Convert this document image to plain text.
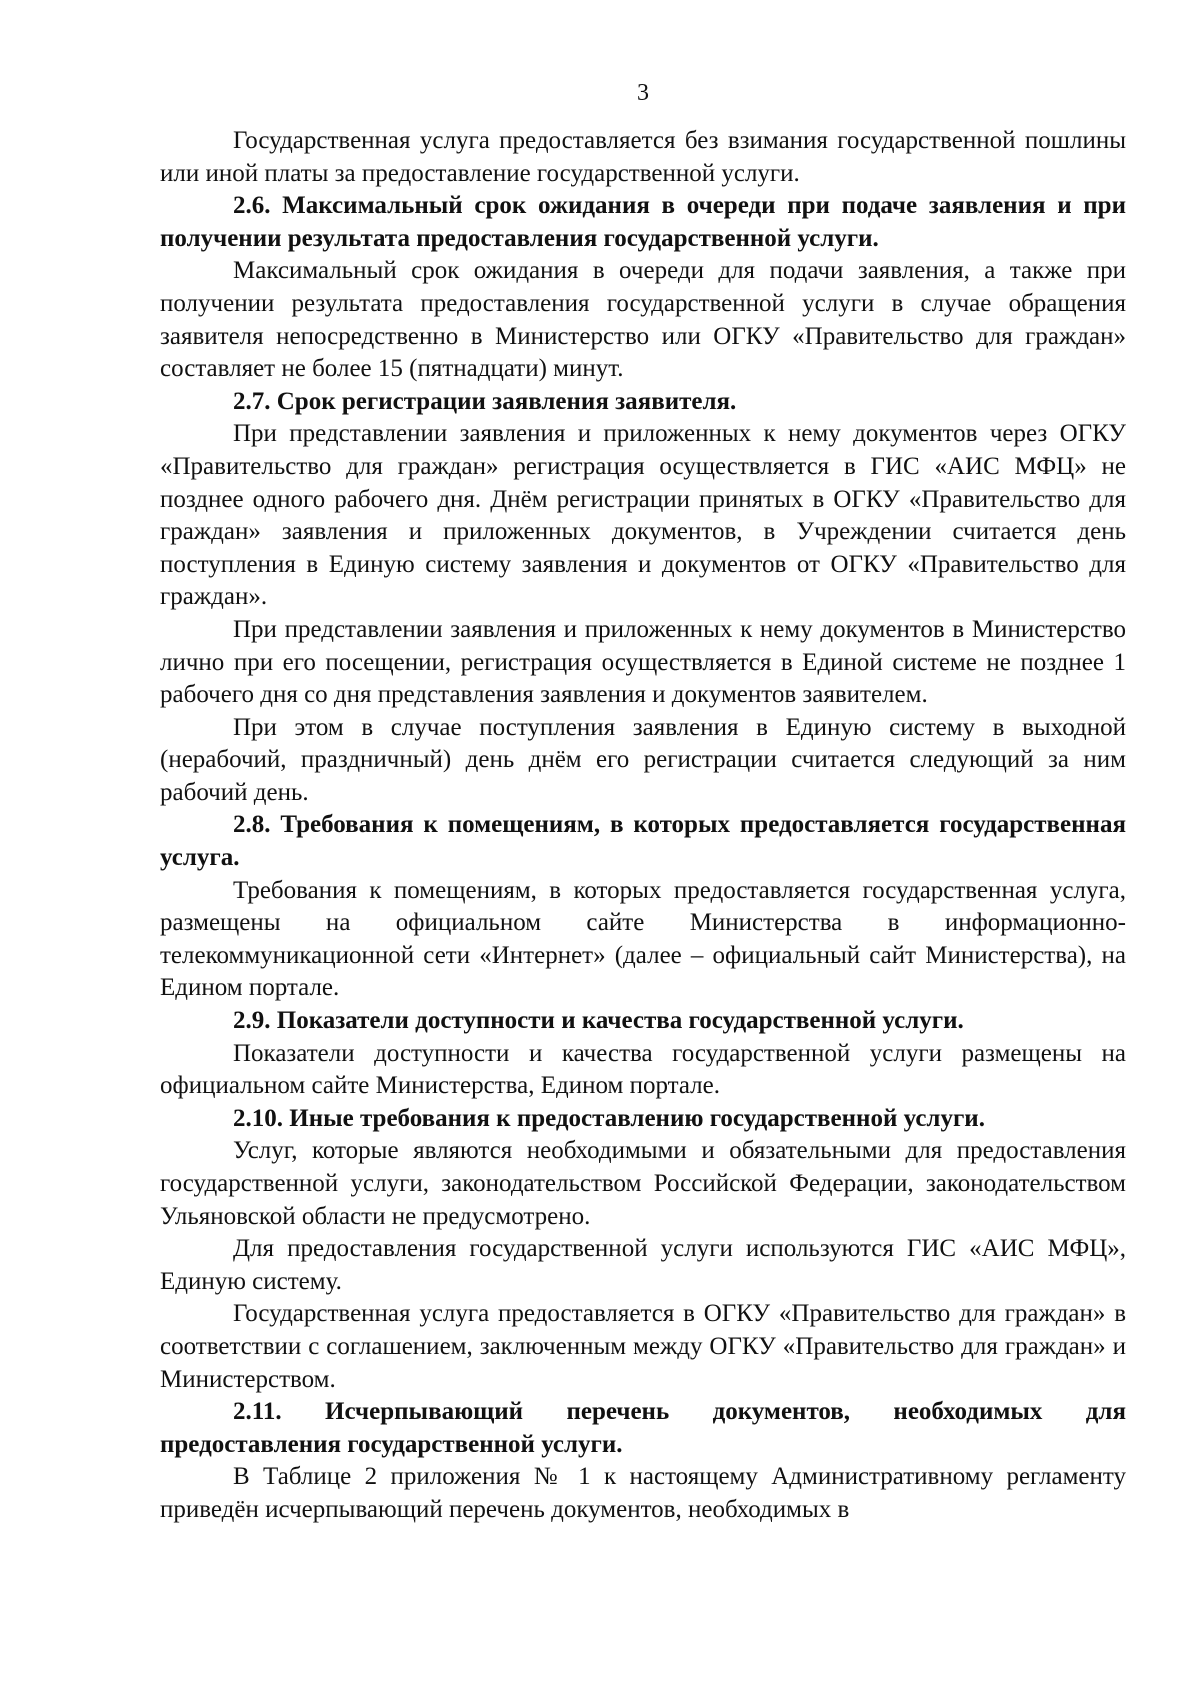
3

Государственная услуга предоставляется без взимания государственной пошлины или иной платы за предоставление государственной услуги.

2.6. Максимальный срок ожидания в очереди при подаче заявления и при получении результата предоставления государственной услуги.

Максимальный срок ожидания в очереди для подачи заявления, а также при получении результата предоставления государственной услуги в случае обращения заявителя непосредственно в Министерство или ОГКУ «Правительство для граждан» составляет не более 15 (пятнадцати) минут.

2.7. Срок регистрации заявления заявителя.

При представлении заявления и приложенных к нему документов через ОГКУ «Правительство для граждан» регистрация осуществляется в ГИС «АИС МФЦ» не позднее одного рабочего дня. Днём регистрации принятых в ОГКУ «Правительство для граждан» заявления и приложенных документов, в Учреждении считается день поступления в Единую систему заявления и документов от ОГКУ «Правительство для граждан».

При представлении заявления и приложенных к нему документов в Министерство лично при его посещении, регистрация осуществляется в Единой системе не позднее 1 рабочего дня со дня представления заявления и документов заявителем.

При этом в случае поступления заявления в Единую систему в выходной (нерабочий, праздничный) день днём его регистрации считается следующий за ним рабочий день.

2.8. Требования к помещениям, в которых предоставляется государственная услуга.

Требования к помещениям, в которых предоставляется государственная услуга, размещены на официальном сайте Министерства в информационно-телекоммуникационной сети «Интернет» (далее – официальный сайт Министерства), на Едином портале.

2.9. Показатели доступности и качества государственной услуги.

Показатели доступности и качества государственной услуги размещены на официальном сайте Министерства, Едином портале.

2.10. Иные требования к предоставлению государственной услуги.

Услуг, которые являются необходимыми и обязательными для предоставления государственной услуги, законодательством Российской Федерации, законодательством Ульяновской области не предусмотрено.

Для предоставления государственной услуги используются ГИС «АИС МФЦ», Единую систему.

Государственная услуга предоставляется в ОГКУ «Правительство для граждан» в соответствии с соглашением, заключенным между ОГКУ «Правительство для граждан» и Министерством.

2.11. Исчерпывающий перечень документов, необходимых для предоставления государственной услуги.

В Таблице 2 приложения № 1 к настоящему Административному регламенту приведён исчерпывающий перечень документов, необходимых в
